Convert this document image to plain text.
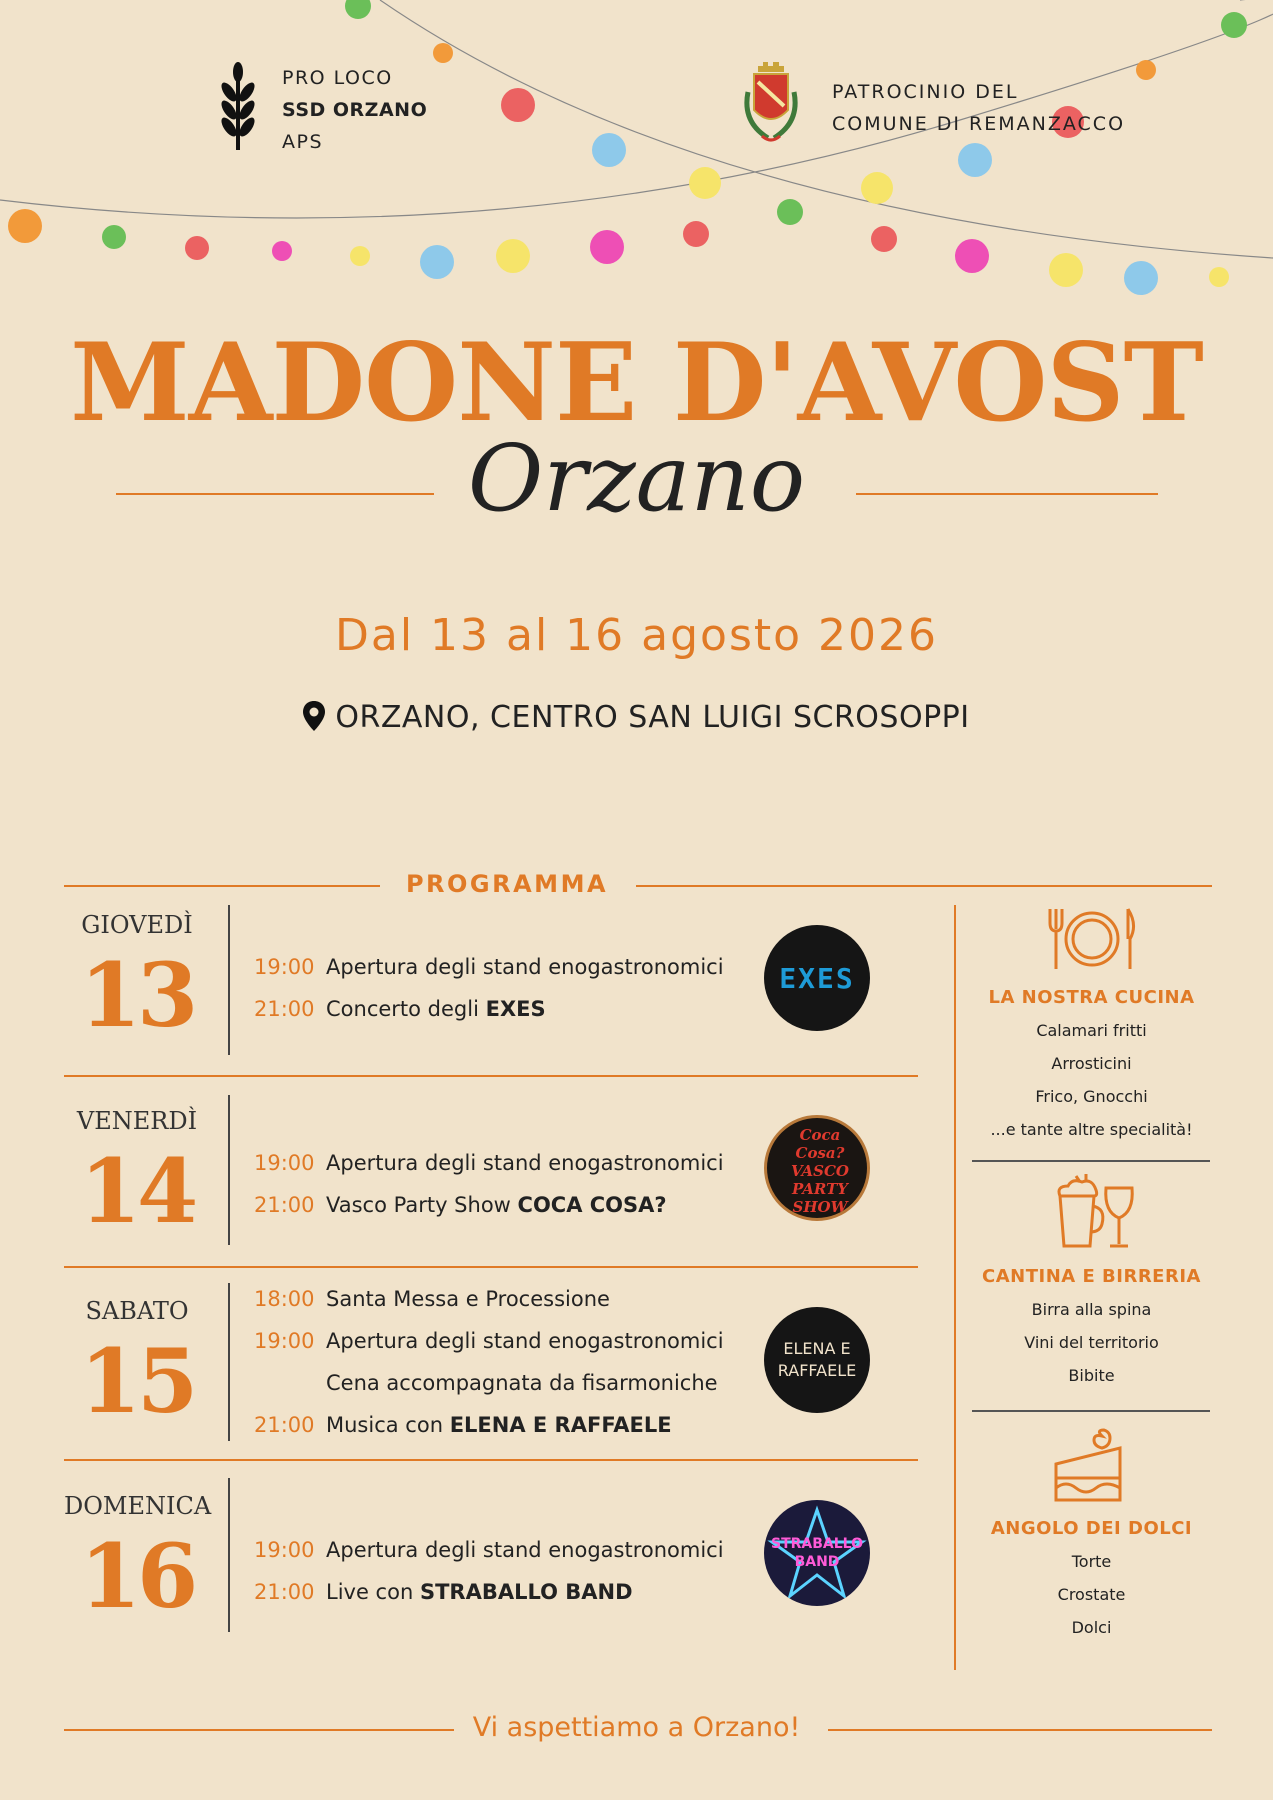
PRO LOCO
SSD ORZANO
APS
PATROCINIO DEL
COMUNE DI REMANZACCO
MADONE D'AVOST
Orzano
Dal 13 al 16 agosto 2026
ORZANO, CENTRO SAN LUIGI SCROSOPPI
PROGRAMMA
GIOVEDÌ
13	19:00 Apertura degli stand enogastronomici
21:00 Concerto degli EXES
EXES
VENERDÌ
14	19:00 Apertura degli stand enogastronomici
21:00 Vasco Party Show COCA COSA?
Coca Cosa? VASCO PARTY SHOW
SABATO
15
18:00 Santa Messa e Processione
19:00 Apertura degli stand enogastronomici
Cena accompagnata da fisarmoniche
21:00 Musica con ELENA E RAFFAELE
ELENA E RAFFAELE
DOMENICA
16	19:00 Apertura degli stand enogastronomici
21:00 Live con STRABALLO BAND
STRABALLO BAND
LA NOSTRA CUCINA
Calamari fritti
Arrosticini
Frico, Gnocchi
...e tante altre specialità!
CANTINA E BIRRERIA
Birra alla spina
Vini del territorio
Bibite
ANGOLO DEI DOLCI
Torte
Crostate
Dolci
Vi aspettiamo a Orzano!
